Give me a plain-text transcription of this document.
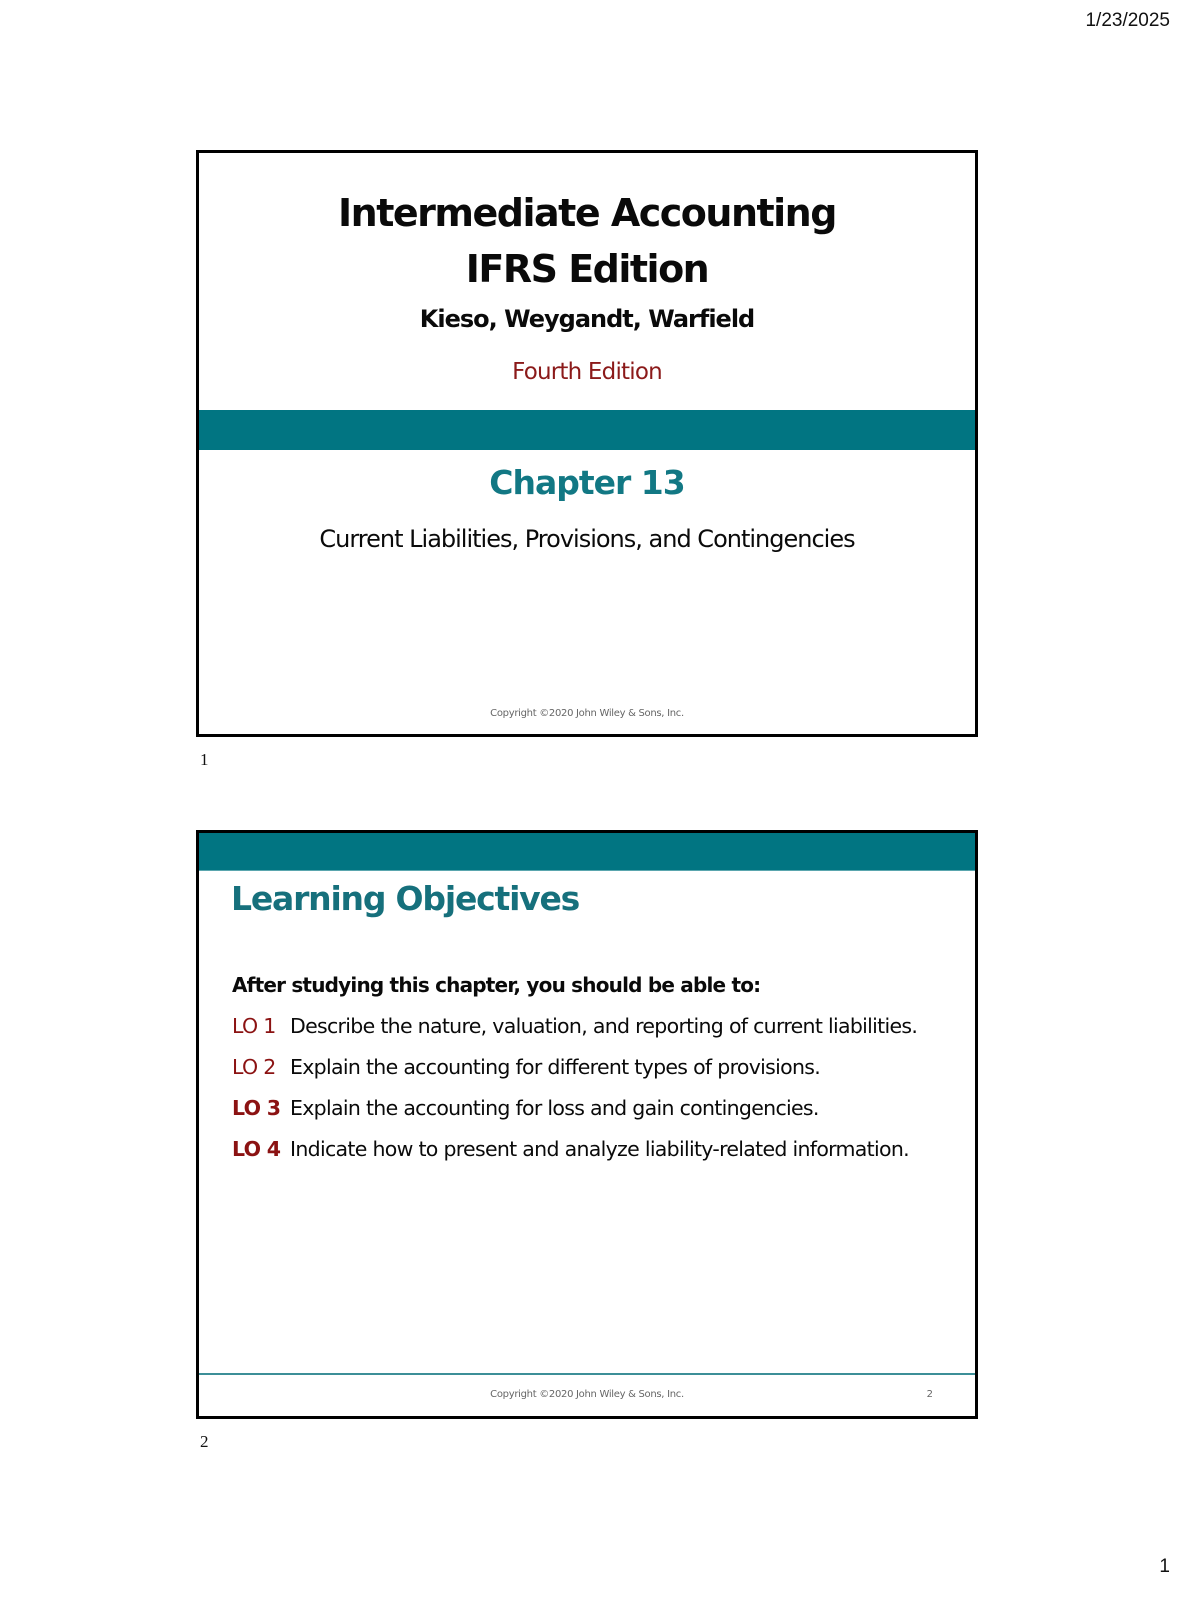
1/23/2025
Intermediate Accounting
IFRS Edition
Kieso, Weygandt, Warfield
Fourth Edition
Chapter 13
Current Liabilities, Provisions, and Contingencies
Copyright ©2020 John Wiley & Sons, Inc.
1
Learning Objectives
After studying this chapter, you should be able to:
LO 1 Describe the nature, valuation, and reporting of current liabilities.
LO 2 Explain the accounting for different types of provisions.
LO 3 Explain the accounting for loss and gain contingencies.
LO 4 Indicate how to present and analyze liability-related information.
Copyright ©2020 John Wiley & Sons, Inc.	2
2
1
